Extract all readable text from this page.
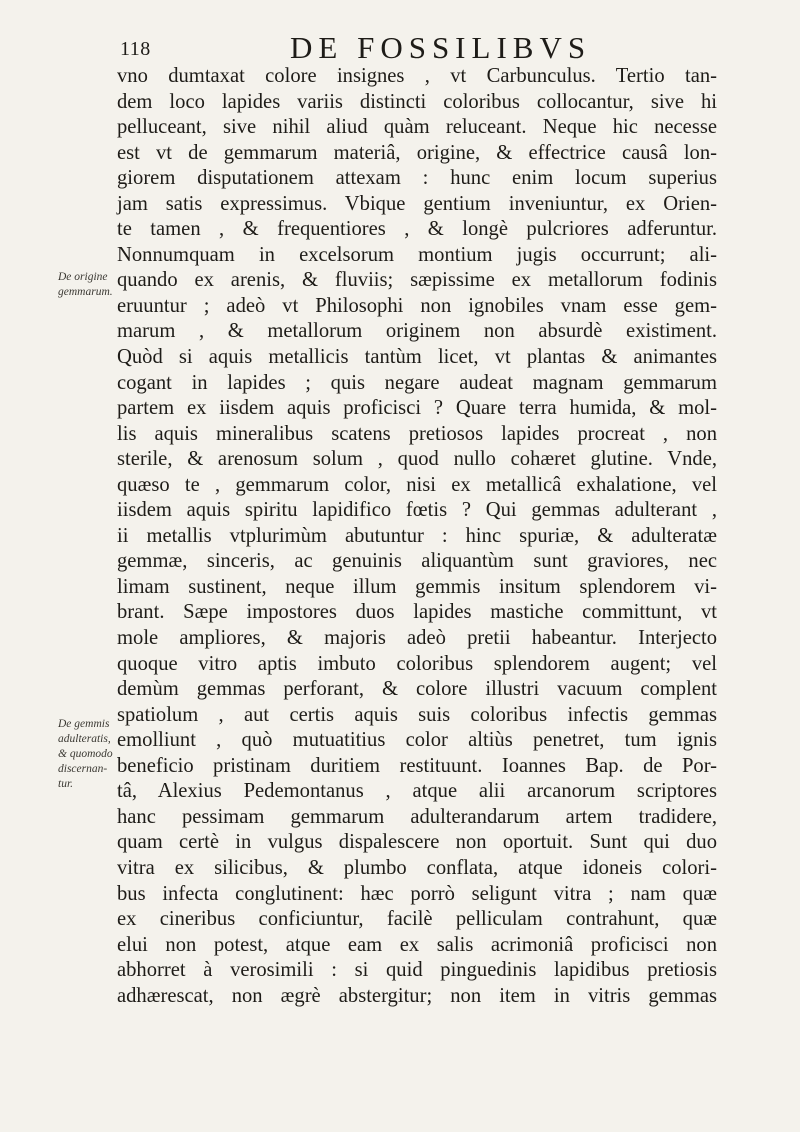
118	DE FOSSILIBVS
De origine
gemmarum.
De gemmis
adulteratis,
& quomodo
discernan-
tur.
vno dumtaxat colore insignes , vt Carbunculus. Tertio tan-
dem loco lapides variis distincti coloribus collocantur, sive hi
pelluceant, sive nihil aliud quàm reluceant. Neque hic necesse
est vt de gemmarum materiâ, origine, & effectrice causâ lon-
giorem disputationem attexam : hunc enim locum superius
jam satis expressimus. Vbique gentium inveniuntur, ex Orien-
te tamen , & frequentiores , & longè pulcriores adferuntur.
Nonnumquam in excelsorum montium jugis occurrunt; ali-
quando ex arenis, & fluviis; sæpissime ex metallorum fodinis
eruuntur ; adeò vt Philosophi non ignobiles vnam esse gem-
marum , & metallorum originem non absurdè existiment.
Quòd si aquis metallicis tantùm licet, vt plantas & animantes
cogant in lapides ; quis negare audeat magnam gemmarum
partem ex iisdem aquis proficisci ? Quare terra humida, & mol-
lis aquis mineralibus scatens pretiosos lapides procreat , non
sterile, & arenosum solum , quod nullo cohæret glutine. Vnde,
quæso te , gemmarum color, nisi ex metallicâ exhalatione, vel
iisdem aquis spiritu lapidifico fœtis ? Qui gemmas adulterant ,
ii metallis vtplurimùm abutuntur : hinc spuriæ, & adulteratæ
gemmæ, sinceris, ac genuinis aliquantùm sunt graviores, nec
limam sustinent, neque illum gemmis insitum splendorem vi-
brant. Sæpe impostores duos lapides mastiche committunt, vt
mole ampliores, & majoris adeò pretii habeantur. Interjecto
quoque vitro aptis imbuto coloribus splendorem augent; vel
demùm gemmas perforant, & colore illustri vacuum complent
spatiolum , aut certis aquis suis coloribus infectis gemmas
emolliunt , quò mutuatitius color altiùs penetret, tum ignis
beneficio pristinam duritiem restituunt. Ioannes Bap. de Por-
tâ, Alexius Pedemontanus , atque alii arcanorum scriptores
hanc pessimam gemmarum adulterandarum artem tradidere,
quam certè in vulgus dispalescere non oportuit. Sunt qui duo
vitra ex silicibus, & plumbo conflata, atque idoneis colori-
bus infecta conglutinent: hæc porrò seligunt vitra ; nam quæ
ex cineribus conficiuntur, facilè pelliculam contrahunt, quæ
elui non potest, atque eam ex salis acrimoniâ proficisci non
abhorret à verosimili : si quid pinguedinis lapidibus pretiosis
adhærescat, non ægrè abstergitur; non item in vitris gemmas
